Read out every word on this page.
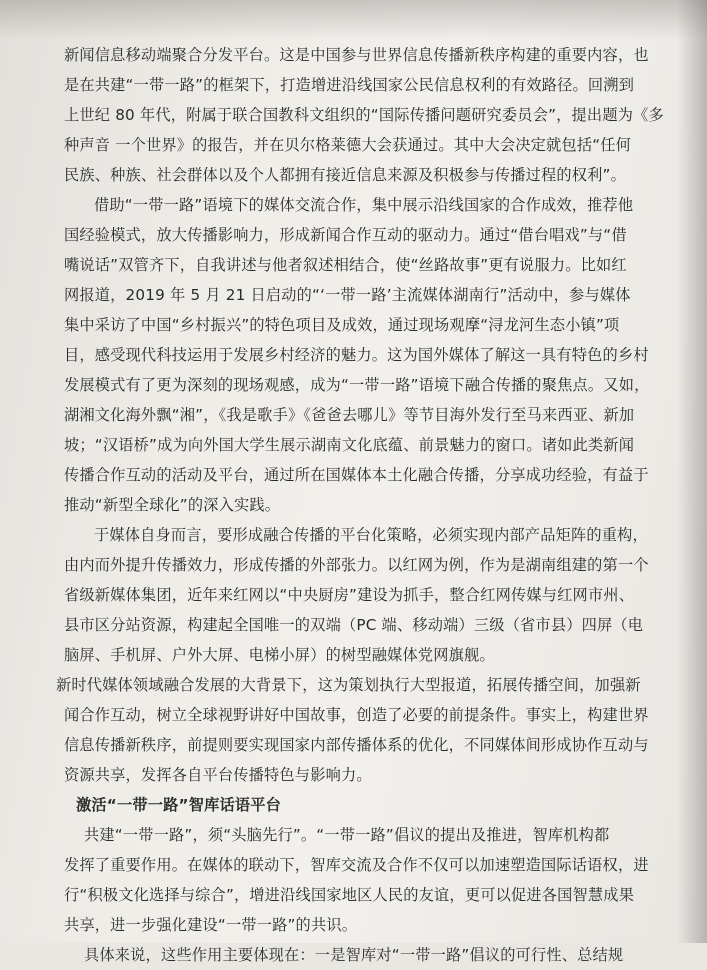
新闻信息移动端聚合分发平台。这是中国参与世界信息传播新秩序构建的重要内容，也
是在共建“一带一路”的框架下，打造增进沿线国家公民信息权利的有效路径。回溯到
上世纪 80 年代，附属于联合国教科文组织的“国际传播问题研究委员会”，提出题为《多
种声音 一个世界》的报告，并在贝尔格莱德大会获通过。其中大会决定就包括“任何
民族、种族、社会群体以及个人都拥有接近信息来源及积极参与传播过程的权利”。
借助“一带一路”语境下的媒体交流合作，集中展示沿线国家的合作成效，推荐他
国经验模式，放大传播影响力，形成新闻合作互动的驱动力。通过“借台唱戏”与“借
嘴说话”双管齐下，自我讲述与他者叙述相结合，使“丝路故事”更有说服力。比如红
网报道，2019 年 5 月 21 日启动的“‘一带一路’主流媒体湖南行”活动中，参与媒体
集中采访了中国“乡村振兴”的特色项目及成效，通过现场观摩“浔龙河生态小镇”项
目，感受现代科技运用于发展乡村经济的魅力。这为国外媒体了解这一具有特色的乡村
发展模式有了更为深刻的现场观感，成为“一带一路”语境下融合传播的聚焦点。又如，
湖湘文化海外飘“湘”，《我是歌手》《爸爸去哪儿》等节目海外发行至马来西亚、新加
坡；“汉语桥”成为向外国大学生展示湖南文化底蕴、前景魅力的窗口。诸如此类新闻
传播合作互动的活动及平台，通过所在国媒体本土化融合传播，分享成功经验，有益于
推动“新型全球化”的深入实践。
于媒体自身而言，要形成融合传播的平台化策略，必须实现内部产品矩阵的重构，
由内而外提升传播效力，形成传播的外部张力。以红网为例，作为是湖南组建的第一个
省级新媒体集团，近年来红网以“中央厨房”建设为抓手，整合红网传媒与红网市州、
县市区分站资源，构建起全国唯一的双端（PC 端、移动端）三级（省市县）四屏（电
脑屏、手机屏、户外大屏、电梯小屏）的树型融媒体党网旗舰。
新时代媒体领域融合发展的大背景下，这为策划执行大型报道，拓展传播空间，加强新
闻合作互动，树立全球视野讲好中国故事，创造了必要的前提条件。事实上，构建世界
信息传播新秩序，前提则要实现国家内部传播体系的优化，不同媒体间形成协作互动与
资源共享，发挥各自平台传播特色与影响力。
激活“一带一路”智库话语平台
共建“一带一路”，须“头脑先行”。“一带一路”倡议的提出及推进，智库机构都
发挥了重要作用。在媒体的联动下，智库交流及合作不仅可以加速塑造国际话语权，进
行“积极文化选择与综合”，增进沿线国家地区人民的友谊，更可以促进各国智慧成果
共享，进一步强化建设“一带一路”的共识。
具体来说，这些作用主要体现在：一是智库对“一带一路”倡议的可行性、总结规
